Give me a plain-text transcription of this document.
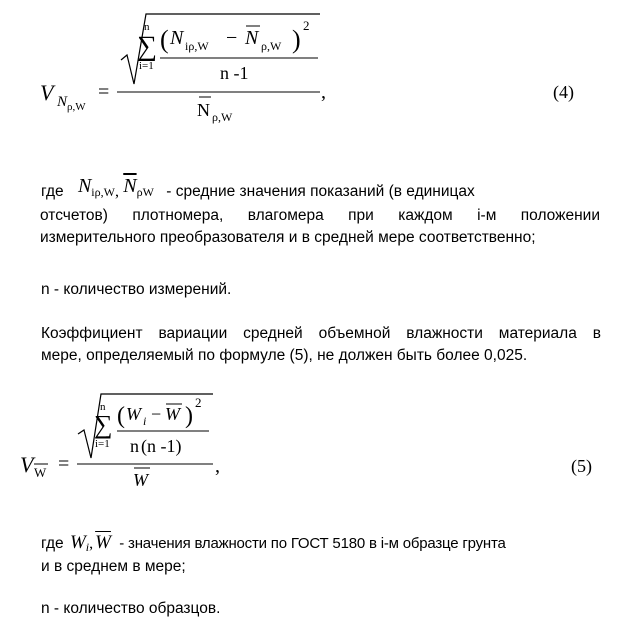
V N ρ,W
=
n
∑
i=1
( N iρ,W − N ρ,W ) 2
n -1
N ρ,W
,	(4)
где Niρ,W, $\overline{N}\rho W$ - средние значения показаний (в единицах
отсчетов) плотномера, влагомера при каждом i-м положении
измерительного преобразователя и в средней мере соответственно;
n - количество измерений.
Коэффициент вариации средней объемной влажности материала в
мере, определяемый по формуле (5), не должен быть более 0,025.
V W =
n
∑
i=1
( W i − W )
2
n (n -1)
W
,	(5)
где Wi, $\overline{W}$ - значения влажности по ГОСТ 5180 в i-м образце грунта
и в среднем в мере;
n - количество образцов.
